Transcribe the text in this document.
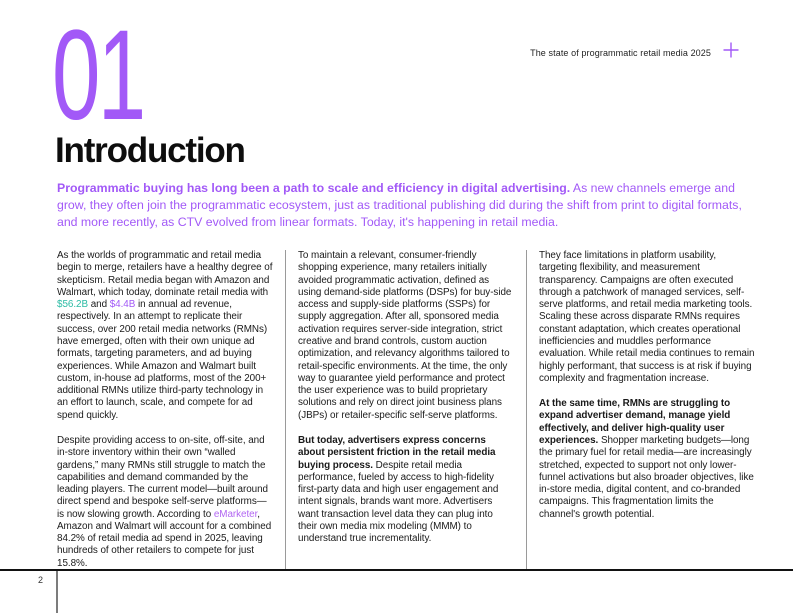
The state of programmatic retail media 2025
01
Introduction
Programmatic buying has long been a path to scale and efficiency in digital advertising. As new channels emerge and grow, they often join the programmatic ecosystem, just as traditional publishing did during the shift from print to digital formats, and more recently, as CTV evolved from linear formats. Today, it's happening in retail media.

As the worlds of programmatic and retail media begin to merge, retailers have a healthy degree of skepticism. Retail media began with Amazon and Walmart, which today, dominate retail media with $56.2B and $4.4B in annual ad revenue, respectively. In an attempt to replicate their success, over 200 retail media networks (RMNs) have emerged, often with their own unique ad formats, targeting parameters, and ad buying experiences. While Amazon and Walmart built custom, in-house ad platforms, most of the 200+ additional RMNs utilize third-party technology in an effort to launch, scale, and compete for ad spend quickly.

Despite providing access to on-site, off-site, and in-store inventory within their own “walled gardens,” many RMNs still struggle to match the capabilities and demand commanded by the leading players. The current model—built around direct spend and bespoke self-serve platforms—is now slowing growth. According to eMarketer, Amazon and Walmart will account for a combined 84.2% of retail media ad spend in 2025, leaving hundreds of other retailers to compete for just 15.8%.

To maintain a relevant, consumer-friendly shopping experience, many retailers initially avoided programmatic activation, defined as using demand-side platforms (DSPs) for buy-side access and supply-side platforms (SSPs) for supply aggregation. After all, sponsored media activation requires server-side integration, strict creative and brand controls, custom auction optimization, and relevancy algorithms tailored to retail-specific environments. At the time, the only way to guarantee yield performance and protect the user experience was to build proprietary solutions and rely on direct joint business plans (JBPs) or retailer-specific self-serve platforms.

But today, advertisers express concerns about persistent friction in the retail media buying process. Despite retail media performance, fueled by access to high-fidelity first-party data and high user engagement and intent signals, brands want more. Advertisers want transaction level data they can plug into their own media mix modeling (MMM) to understand true incrementality.

They face limitations in platform usability, targeting flexibility, and measurement transparency. Campaigns are often executed through a patchwork of managed services, self-serve platforms, and retail media marketing tools. Scaling these across disparate RMNs requires constant adaptation, which creates operational inefficiencies and muddles performance evaluation. While retail media continues to remain highly performant, that success is at risk if buying complexity and fragmentation increase.

At the same time, RMNs are struggling to expand advertiser demand, manage yield effectively, and deliver high-quality user experiences. Shopper marketing budgets—long the primary fuel for retail media—are increasingly stretched, expected to support not only lower-funnel activations but also broader objectives, like in-store media, digital content, and co-branded campaigns. This fragmentation limits the channel's growth potential.

2
